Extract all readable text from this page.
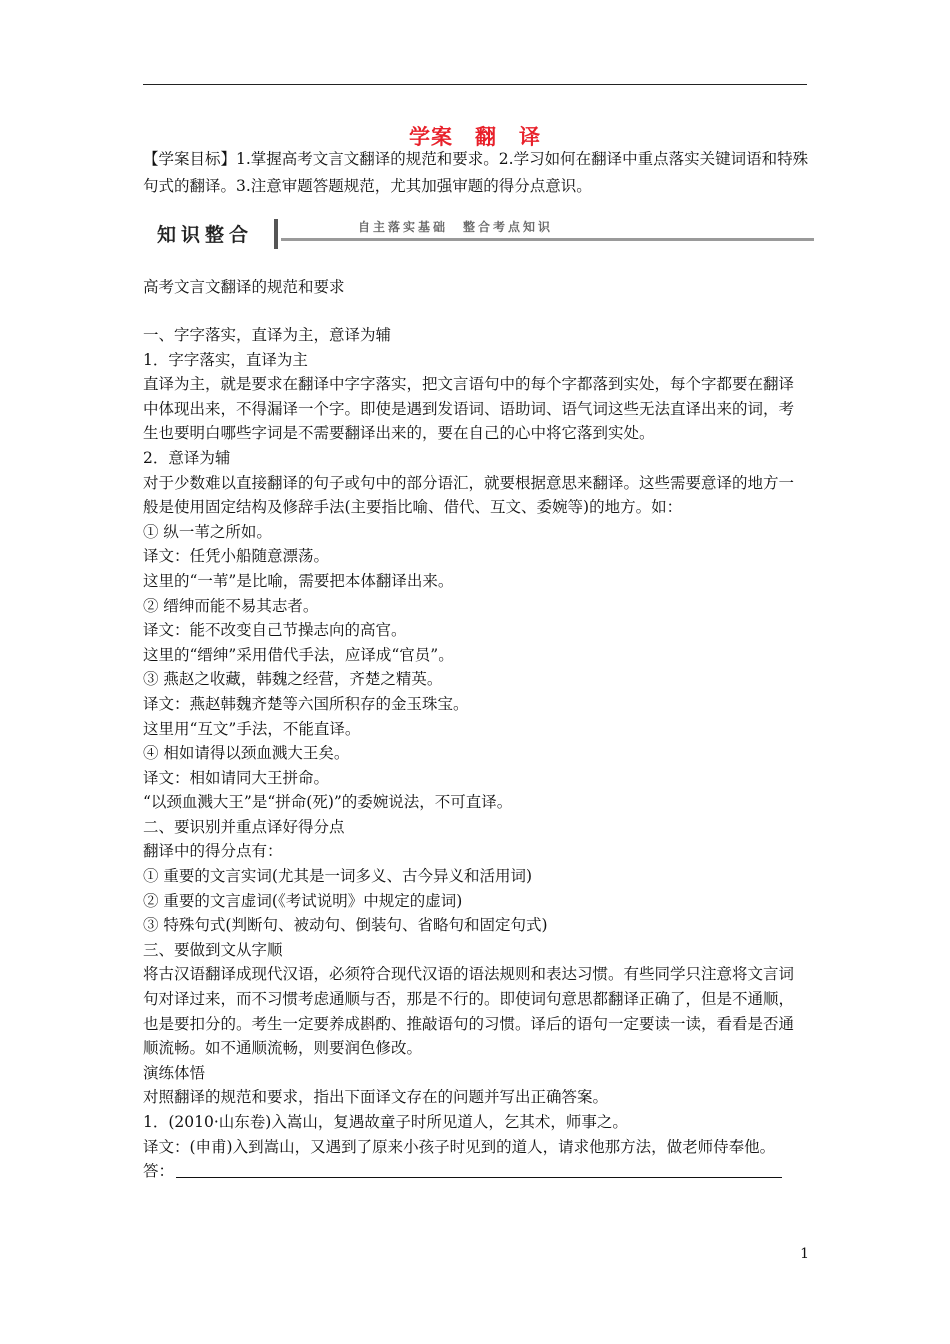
学案　翻　译
【学案目标】1.掌握高考文言文翻译的规范和要求。2.学习如何在翻译中重点落实关键词语和特殊句式的翻译。3.注意审题答题规范，尤其加强审题的得分点意识。
知识整合	自主落实基础　整合考点知识
高考文言文翻译的规范和要求
一、字字落实，直译为主，意译为辅
1．字字落实，直译为主
直译为主，就是要求在翻译中字字落实，把文言语句中的每个字都落到实处，每个字都要在翻译中体现出来，不得漏译一个字。即使是遇到发语词、语助词、语气词这些无法直译出来的词，考生也要明白哪些字词是不需要翻译出来的，要在自己的心中将它落到实处。
2．意译为辅
对于少数难以直接翻译的句子或句中的部分语汇，就要根据意思来翻译。这些需要意译的地方一般是使用固定结构及修辞手法(主要指比喻、借代、互文、委婉等)的地方。如：
① 纵一苇之所如。
译文：任凭小船随意漂荡。
这里的“一苇”是比喻，需要把本体翻译出来。
② 缙绅而能不易其志者。
译文：能不改变自己节操志向的高官。
这里的“缙绅”采用借代手法，应译成“官员”。
③ 燕赵之收藏，韩魏之经营，齐楚之精英。
译文：燕赵韩魏齐楚等六国所积存的金玉珠宝。
这里用“互文”手法，不能直译。
④ 相如请得以颈血溅大王矣。
译文：相如请同大王拼命。
“以颈血溅大王”是“拼命(死)”的委婉说法，不可直译。
二、要识别并重点译好得分点
翻译中的得分点有：
① 重要的文言实词(尤其是一词多义、古今异义和活用词)
② 重要的文言虚词(《考试说明》中规定的虚词)
③ 特殊句式(判断句、被动句、倒装句、省略句和固定句式)
三、要做到文从字顺
将古汉语翻译成现代汉语，必须符合现代汉语的语法规则和表达习惯。有些同学只注意将文言词句对译过来，而不习惯考虑通顺与否，那是不行的。即使词句意思都翻译正确了，但是不通顺，也是要扣分的。考生一定要养成斟酌、推敲语句的习惯。译后的语句一定要读一读，看看是否通顺流畅。如不通顺流畅，则要润色修改。
演练体悟
对照翻译的规范和要求，指出下面译文存在的问题并写出正确答案。
1．(2010·山东卷)入嵩山，复遇故童子时所见道人，乞其术，师事之。
译文：(申甫)入到嵩山，又遇到了原来小孩子时见到的道人，请求他那方法，做老师侍奉他。
答：
1
